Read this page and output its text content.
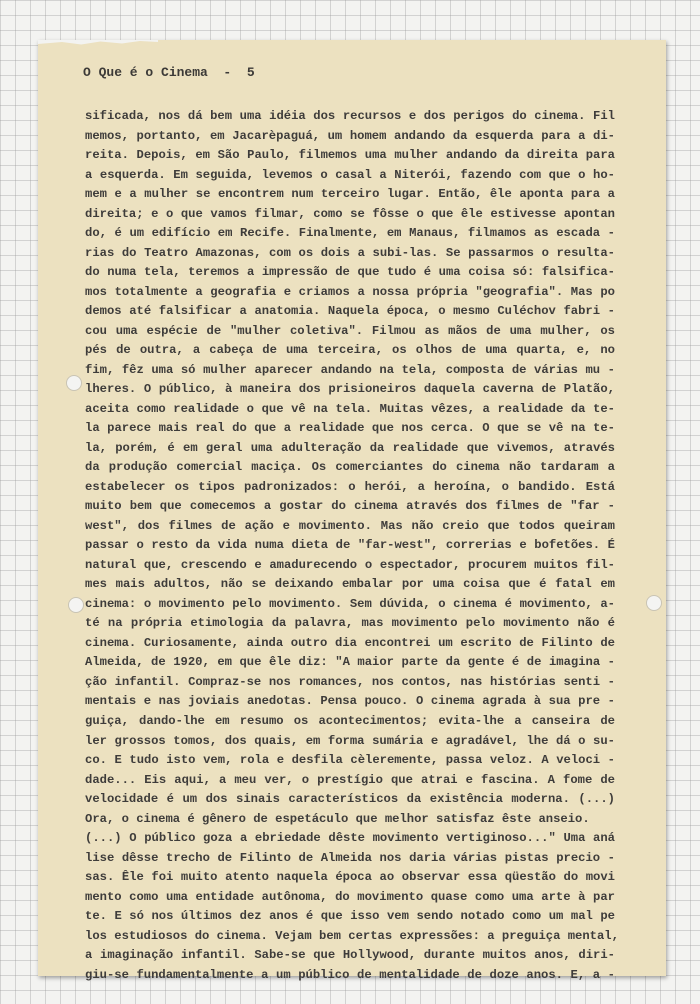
O Que é o Cinema  -  5

sificada, nos dá bem uma idéia dos recursos e dos perigos do cinema. Fil
memos, portanto, em Jacarèpaguá, um homem andando da esquerda para a di-
reita. Depois, em São Paulo, filmemos uma mulher andando da direita para
a esquerda. Em seguida, levemos o casal a Niterói, fazendo com que o ho-
mem e a mulher se encontrem num terceiro lugar. Então, êle aponta para a
direita; e o que vamos filmar, como se fôsse o que êle estivesse apontan
do, é um edifício em Recife. Finalmente, em Manaus, filmamos as escada -
rias do Teatro Amazonas, com os dois a subi-las. Se passarmos o resulta-
do numa tela, teremos a impressão de que tudo é uma coisa só: falsifica-
mos totalmente a geografia e criamos a nossa própria "geografia". Mas po
demos até falsificar a anatomia. Naquela época, o mesmo Culéchov fabri -
cou uma espécie de "mulher coletiva". Filmou as mãos de uma mulher, os
pés de outra, a cabeça de uma terceira, os olhos de uma quarta, e, no
fim, fêz uma só mulher aparecer andando na tela, composta de várias mu -
lheres. O público, à maneira dos prisioneiros daquela caverna de Platão,
aceita como realidade o que vê na tela. Muitas vêzes, a realidade da te-
la parece mais real do que a realidade que nos cerca. O que se vê na te-
la, porém, é em geral uma adulteração da realidade que vivemos, através
da produção comercial maciça. Os comerciantes do cinema não tardaram a
estabelecer os tipos padronizados: o herói, a heroína, o bandido. Está
muito bem que comecemos a gostar do cinema através dos filmes de "far -
west", dos filmes de ação e movimento. Mas não creio que todos queiram
passar o resto da vida numa dieta de "far-west", correrias e bofetões. É
natural que, crescendo e amadurecendo o espectador, procurem muitos fil-
mes mais adultos, não se deixando embalar por uma coisa que é fatal em
cinema: o movimento pelo movimento. Sem dúvida, o cinema é movimento, a-
té na própria etimologia da palavra, mas movimento pelo movimento não é
cinema. Curiosamente, ainda outro dia encontrei um escrito de Filinto de
Almeida, de 1920, em que êle diz: "A maior parte da gente é de imagina -
ção infantil. Compraz-se nos romances, nos contos, nas histórias senti -
mentais e nas joviais anedotas. Pensa pouco. O cinema agrada à sua pre -
guiça, dando-lhe em resumo os acontecimentos; evita-lhe a canseira de
ler grossos tomos, dos quais, em forma sumária e agradável, lhe dá o su-
co. E tudo isto vem, rola e desfila cèleremente, passa veloz. A veloci -
dade... Eis aqui, a meu ver, o prestígio que atrai e fascina. A fome de
velocidade é um dos sinais característicos da existência moderna. (...)
Ora, o cinema é gênero de espetáculo que melhor satisfaz êste anseio.
(...) O público goza a ebriedade dêste movimento vertiginoso..." Uma aná
lise dêsse trecho de Filinto de Almeida nos daria várias pistas precio -
sas. Êle foi muito atento naquela época ao observar essa qüestão do movi
mento como uma entidade autônoma, do movimento quase como uma arte à par
te. E só nos últimos dez anos é que isso vem sendo notado como um mal pe
los estudiosos do cinema. Vejam bem certas expressões: a preguiça mental,
a imaginação infantil. Sabe-se que Hollywood, durante muitos anos, diri-
giu-se fundamentalmente a um público de mentalidade de doze anos. E, a -
